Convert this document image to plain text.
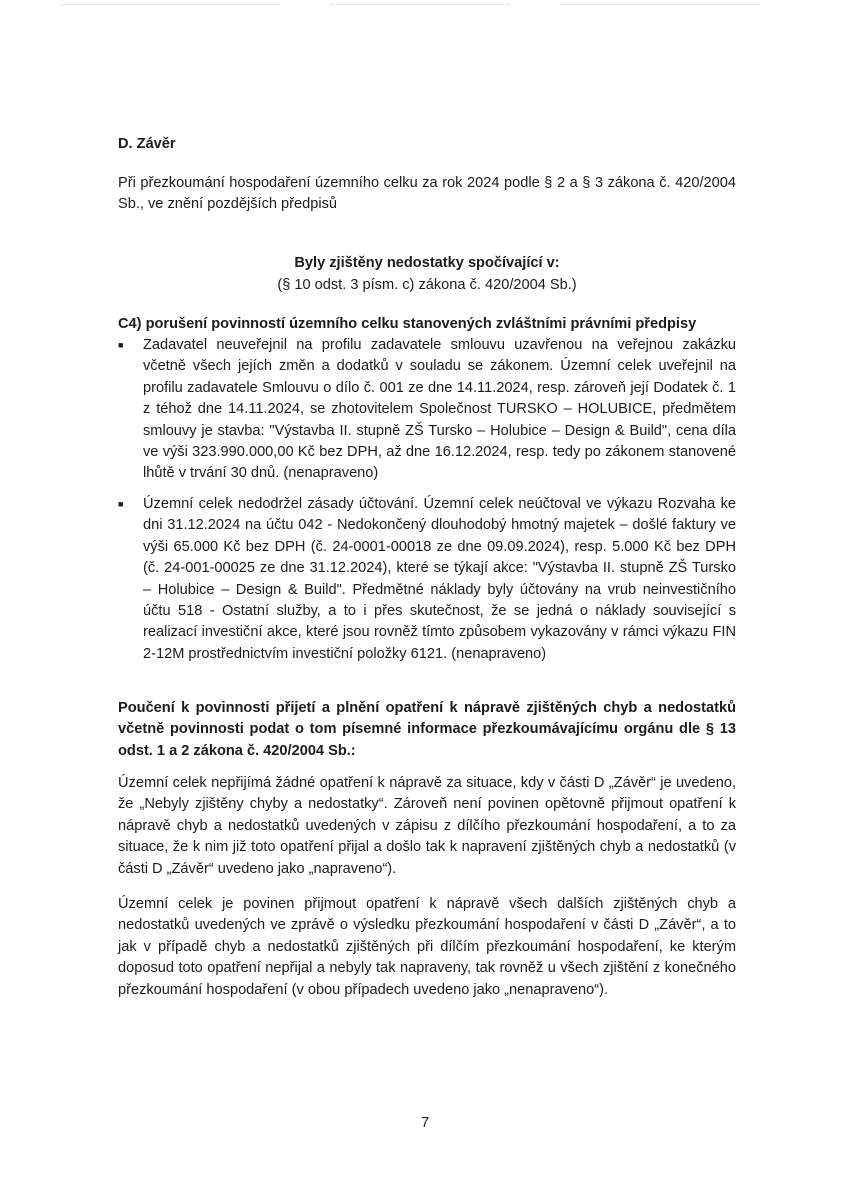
D. Závěr
Při přezkoumání hospodaření územního celku za rok 2024 podle § 2 a § 3 zákona č. 420/2004 Sb., ve znění pozdějších předpisů
Byly zjištěny nedostatky spočívající v:
(§ 10 odst. 3 písm. c) zákona č. 420/2004 Sb.)
C4) porušení povinností územního celku stanovených zvláštními právními předpisy
■	Zadavatel neuveřejnil na profilu zadavatele smlouvu uzavřenou na veřejnou zakázku včetně všech jejích změn a dodatků v souladu se zákonem. Územní celek uveřejnil na profilu zadavatele Smlouvu o dílo č. 001 ze dne 14.11.2024, resp. zároveň její Dodatek č. 1 z téhož dne 14.11.2024, se zhotovitelem Společnost TURSKO – HOLUBICE, předmětem smlouvy je stavba: "Výstavba II. stupně ZŠ Tursko – Holubice – Design & Build", cena díla ve výši 323.990.000,00 Kč bez DPH, až dne 16.12.2024, resp. tedy po zákonem stanovené lhůtě v trvání 30 dnů. (nenapraveno)
■	Územní celek nedodržel zásady účtování. Územní celek neúčtoval ve výkazu Rozvaha ke dni 31.12.2024 na účtu 042 - Nedokončený dlouhodobý hmotný majetek – došlé faktury ve výši 65.000 Kč bez DPH (č. 24-0001-00018 ze dne 09.09.2024), resp. 5.000 Kč bez DPH (č. 24-001-00025 ze dne 31.12.2024), které se týkají akce: "Výstavba II. stupně ZŠ Tursko – Holubice – Design & Build". Předmětné náklady byly účtovány na vrub neinvestičního účtu 518 - Ostatní služby, a to i přes skutečnost, že se jedná o náklady související s realizací investiční akce, které jsou rovněž tímto způsobem vykazovány v rámci výkazu FIN 2-12M prostřednictvím investiční položky 6121. (nenapraveno)
Poučení k povinnosti přijetí a plnění opatření k nápravě zjištěných chyb a nedostatků včetně povinnosti podat o tom písemné informace přezkoumávajícímu orgánu dle § 13 odst. 1 a 2 zákona č. 420/2004 Sb.:
Územní celek nepřijímá žádné opatření k nápravě za situace, kdy v části D „Závěr“ je uvedeno, že „Nebyly zjištěny chyby a nedostatky“. Zároveň není povinen opětovně přijmout opatření k nápravě chyb a nedostatků uvedených v zápisu z dílčího přezkoumání hospodaření, a to za situace, že k nim již toto opatření přijal a došlo tak k napravení zjištěných chyb a nedostatků (v části D „Závěr“ uvedeno jako „napraveno“).
Územní celek je povinen přijmout opatření k nápravě všech dalších zjištěných chyb a nedostatků uvedených ve zprávě o výsledku přezkoumání hospodaření v části D „Závěr“, a to jak v případě chyb a nedostatků zjištěných při dílčím přezkoumání hospodaření, ke kterým doposud toto opatření nepřijal a nebyly tak napraveny, tak rovněž u všech zjištění z konečného přezkoumání hospodaření (v obou případech uvedeno jako „nenapraveno“).
7
